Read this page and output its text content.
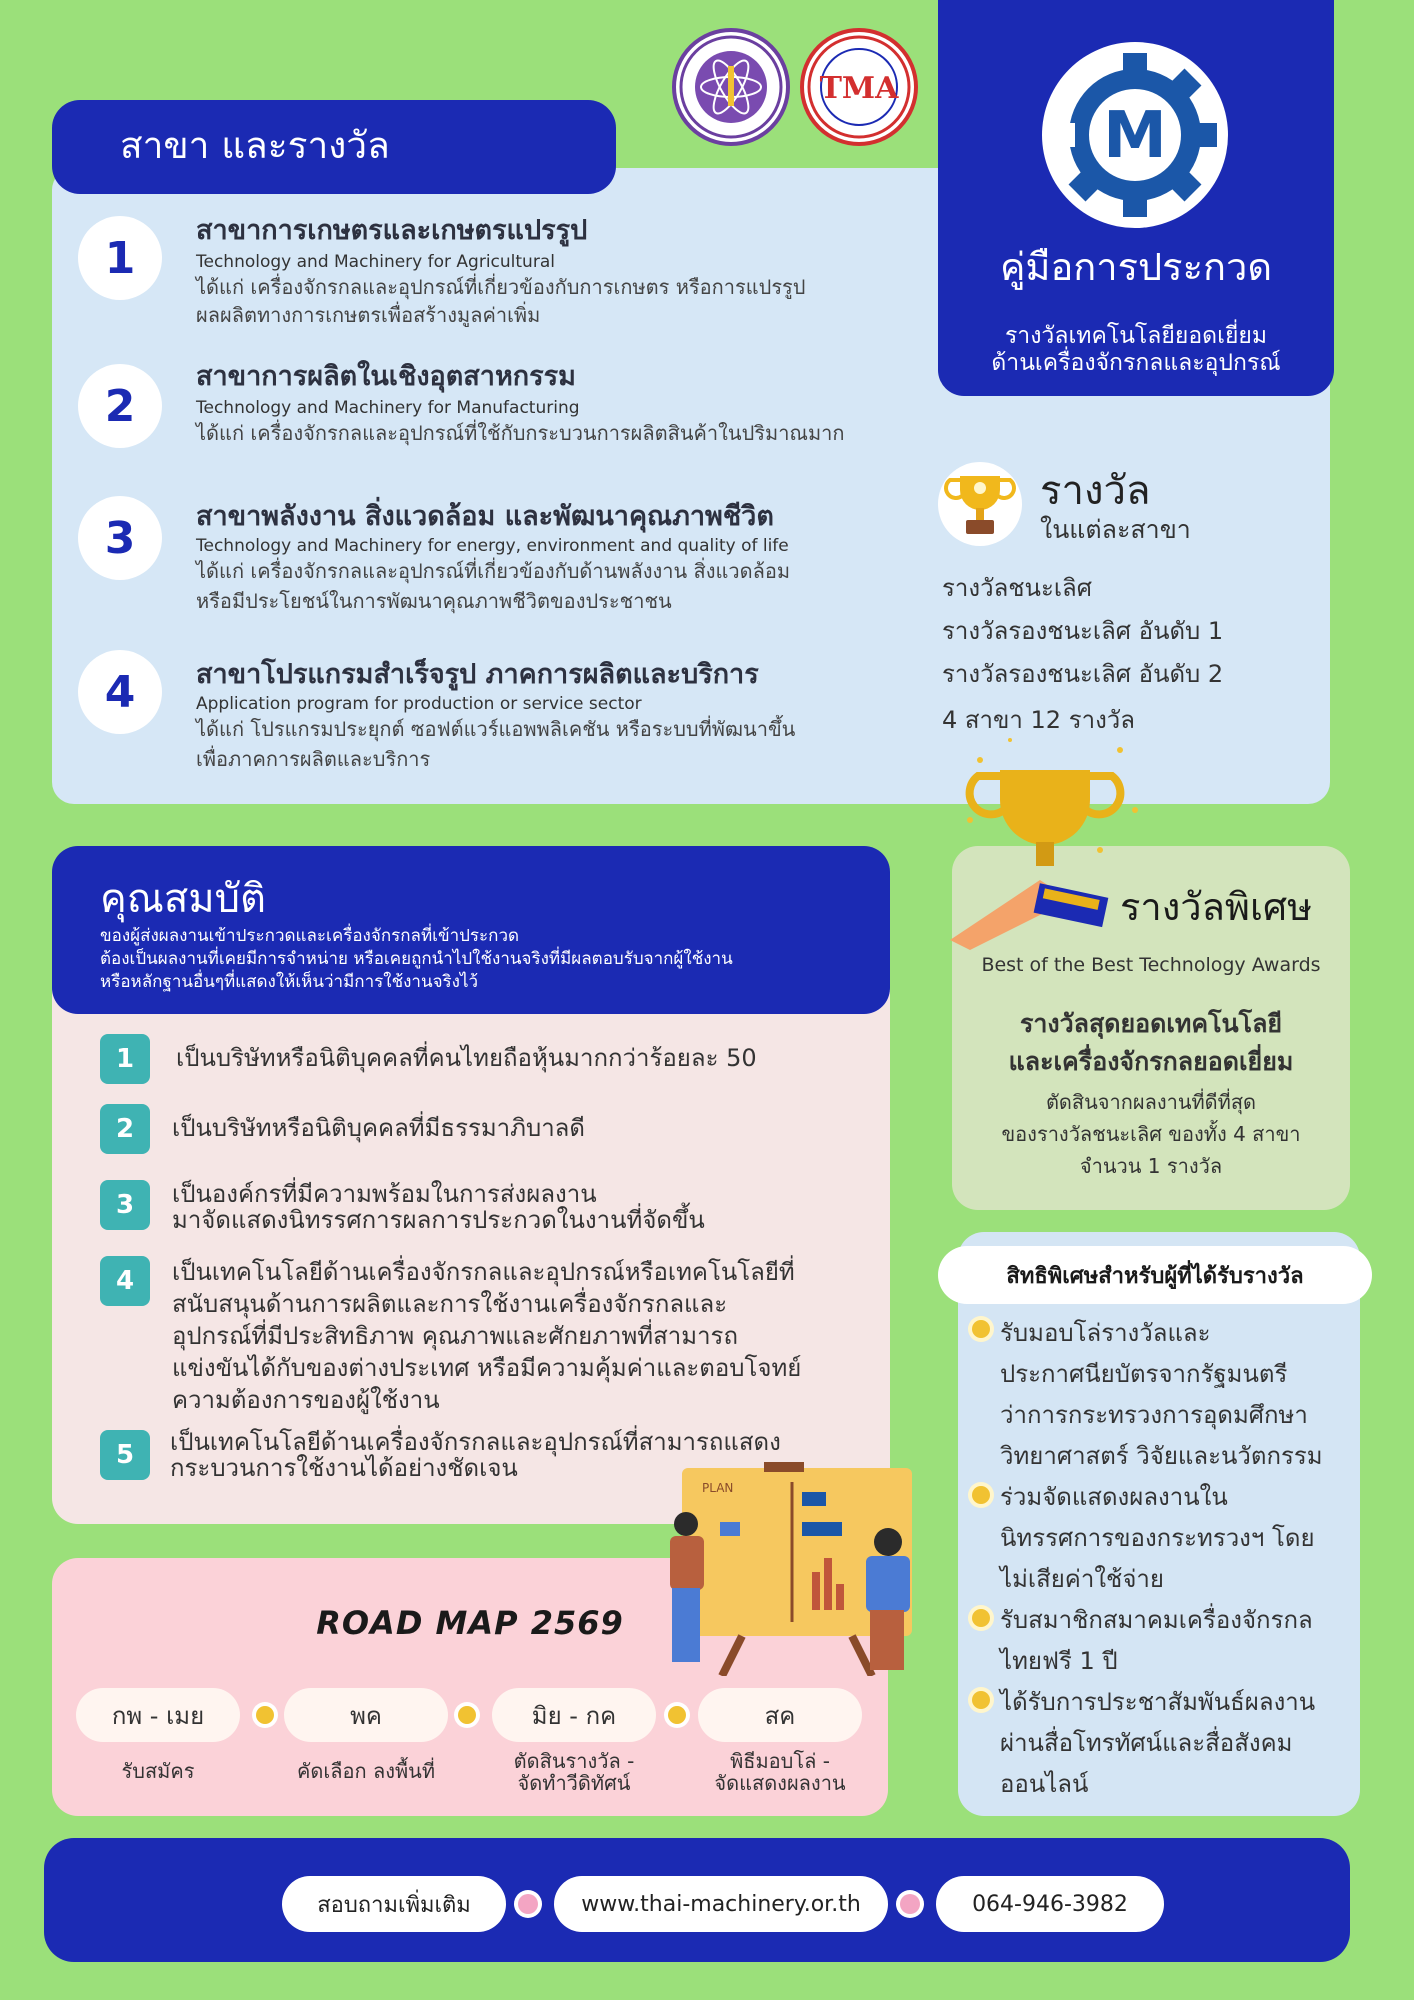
สาขา และรางวัล
1
สาขาการเกษตรและเกษตรแปรรูป
Technology and Machinery for Agricultural
ได้แก่ เครื่องจักรกลและอุปกรณ์ที่เกี่ยวข้องกับการเกษตร หรือการแปรรูป
ผลผลิตทางการเกษตรเพื่อสร้างมูลค่าเพิ่ม
2
สาขาการผลิตในเชิงอุตสาหกรรม
Technology and Machinery for Manufacturing
ได้แก่ เครื่องจักรกลและอุปกรณ์ที่ใช้กับกระบวนการผลิตสินค้าในปริมาณมาก
3	สาขาพลังงาน สิ่งแวดล้อม และพัฒนาคุณภาพชีวิต
Technology and Machinery for energy, environment and quality of life
ได้แก่ เครื่องจักรกลและอุปกรณ์ที่เกี่ยวข้องกับด้านพลังงาน สิ่งแวดล้อม
หรือมีประโยชน์ในการพัฒนาคุณภาพชีวิตของประชาชน
4	สาขาโปรแกรมสำเร็จรูป ภาคการผลิตและบริการ
Application program for production or service sector
ได้แก่ โปรแกรมประยุกต์ ซอฟต์แวร์แอพพลิเคชัน หรือระบบที่พัฒนาขึ้น
เพื่อภาคการผลิตและบริการ
TMA
M
คู่มือการประกวด
รางวัลเทคโนโลยียอดเยี่ยม
ด้านเครื่องจักรกลและอุปกรณ์
รางวัล
ในแต่ละสาขา
รางวัลชนะเลิศ
รางวัลรองชนะเลิศ อันดับ 1
รางวัลรองชนะเลิศ อันดับ 2
4 สาขา 12 รางวัล
รางวัลพิเศษ
Best of the Best Technology Awards
รางวัลสุดยอดเทคโนโลยี
และเครื่องจักรกลยอดเยี่ยม
ตัดสินจากผลงานที่ดีที่สุด
ของรางวัลชนะเลิศ ของทั้ง 4 สาขา
จำนวน 1 รางวัล
สิทธิพิเศษสำหรับผู้ที่ได้รับรางวัล
รับมอบโล่รางวัลและ
ประกาศนียบัตรจากรัฐมนตรี
ว่าการกระทรวงการอุดมศึกษา
วิทยาศาสตร์ วิจัยและนวัตกรรม
ร่วมจัดแสดงผลงานใน
นิทรรศการของกระทรวงฯ โดย
ไม่เสียค่าใช้จ่าย
รับสมาชิกสมาคมเครื่องจักรกล
ไทยฟรี 1 ปี
ได้รับการประชาสัมพันธ์ผลงาน
ผ่านสื่อโทรทัศน์และสื่อสังคม
ออนไลน์
คุณสมบัติ
ของผู้ส่งผลงานเข้าประกวดและเครื่องจักรกลที่เข้าประกวด
ต้องเป็นผลงานที่เคยมีการจำหน่าย หรือเคยถูกนำไปใช้งานจริงที่มีผลตอบรับจากผู้ใช้งาน
หรือหลักฐานอื่นๆที่แสดงให้เห็นว่ามีการใช้งานจริงไว้
1	เป็นบริษัทหรือนิติบุคคลที่คนไทยถือหุ้นมากกว่าร้อยละ 50
2	เป็นบริษัทหรือนิติบุคคลที่มีธรรมาภิบาลดี
3	เป็นองค์กรที่มีความพร้อมในการส่งผลงาน
มาจัดแสดงนิทรรศการผลการประกวดในงานที่จัดขึ้น
4	เป็นเทคโนโลยีด้านเครื่องจักรกลและอุปกรณ์หรือเทคโนโลยีที่
สนับสนุนด้านการผลิตและการใช้งานเครื่องจักรกลและ
อุปกรณ์ที่มีประสิทธิภาพ คุณภาพและศักยภาพที่สามารถ
แข่งขันได้กับของต่างประเทศ หรือมีความคุ้มค่าและตอบโจทย์
ความต้องการของผู้ใช้งาน
5	เป็นเทคโนโลยีด้านเครื่องจักรกลและอุปกรณ์ที่สามารถแสดง
กระบวนการใช้งานได้อย่างชัดเจน
ROAD MAP 2569
PLAN
กพ - เมย	พค	มิย - กค	สค
รับสมัคร	คัดเลือก ลงพื้นที่	ตัดสินรางวัล -
จัดทำวีดิทัศน์
พิธีมอบโล่ -
จัดแสดงผลงาน
สอบถามเพิ่มเติม	www.thai-machinery.or.th	064-946-3982
